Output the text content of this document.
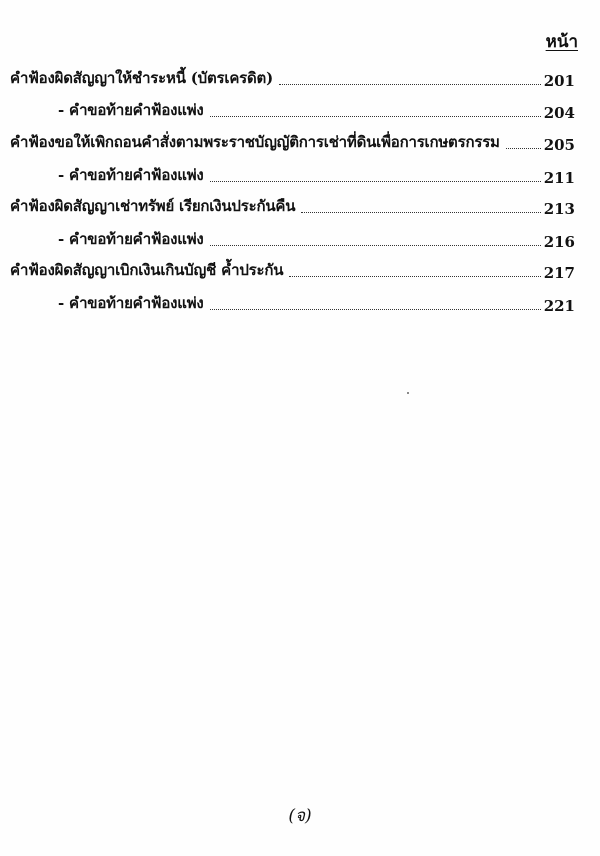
หน้า
คำฟ้องผิดสัญญาให้ชำระหนี้ (บัตรเครดิต)	201
- คำขอท้ายคำฟ้องแพ่ง	204
คำฟ้องขอให้เพิกถอนคำสั่งตามพระราชบัญญัติการเช่าที่ดินเพื่อการเกษตรกรรม	205
- คำขอท้ายคำฟ้องแพ่ง	211
คำฟ้องผิดสัญญาเช่าทรัพย์ เรียกเงินประกันคืน	213
- คำขอท้ายคำฟ้องแพ่ง	216
คำฟ้องผิดสัญญาเบิกเงินเกินบัญชี ค้ำประกัน	217
- คำขอท้ายคำฟ้องแพ่ง	221
(จ)
